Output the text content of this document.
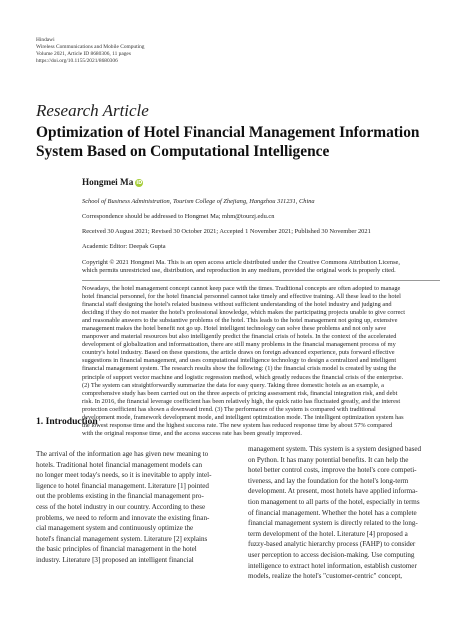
Hindawi
Wireless Communications and Mobile Computing
Volume 2021, Article ID 8680306, 11 pages
https://doi.org/10.1155/2021/8680306
Research Article
Optimization of Hotel Financial Management Information
System Based on Computational Intelligence
Hongmei Ma iD
School of Business Administration, Tourism College of Zhejiang, Hangzhou 311231, China
Correspondence should be addressed to Hongmei Ma; mhm@tourzj.edu.cn
Received 30 August 2021; Revised 30 October 2021; Accepted 1 November 2021; Published 30 November 2021
Academic Editor: Deepak Gupta
Copyright © 2021 Hongmei Ma. This is an open access article distributed under the Creative Commons Attribution License,
which permits unrestricted use, distribution, and reproduction in any medium, provided the original work is properly cited.
Nowadays, the hotel management concept cannot keep pace with the times. Traditional concepts are often adopted to manage
hotel financial personnel, for the hotel financial personnel cannot take timely and effective training. All these lead to the hotel
financial staff designing the hotel's related business without sufficient understanding of the hotel industry and judging and
deciding if they do not master the hotel's professional knowledge, which makes the participating projects unable to give correct
and reasonable answers to the substantive problems of the hotel. This leads to the hotel management not going up, extensive
management makes the hotel benefit not go up. Hotel intelligent technology can solve these problems and not only save
manpower and material resources but also intelligently predict the financial crisis of hotels. In the context of the accelerated
development of globalization and informatization, there are still many problems in the financial management process of my
country's hotel industry. Based on these questions, the article draws on foreign advanced experience, puts forward effective
suggestions in financial management, and uses computational intelligence technology to design a centralized and intelligent
financial management system. The research results show the following: (1) the financial crisis model is created by using the
principle of support vector machine and logistic regression method, which greatly reduces the financial crisis of the enterprise.
(2) The system can straightforwardly summarize the data for easy query. Taking three domestic hotels as an example, a
comprehensive study has been carried out on the three aspects of pricing assessment risk, financial integration risk, and debt
risk. In 2016, the financial leverage coefficient has been relatively high, the quick ratio has fluctuated greatly, and the interest
protection coefficient has shown a downward trend. (3) The performance of the system is compared with traditional
development mode, framework development mode, and intelligent optimization mode. The intelligent optimization system has
the lowest response time and the highest success rate. The new system has reduced response time by about 57% compared
with the original response time, and the access success rate has been greatly improved.
1. Introduction
The arrival of the information age has given new meaning to
hotels. Traditional hotel financial management models can
no longer meet today's needs, so it is inevitable to apply intel-
ligence to hotel financial management. Literature [1] pointed
out the problems existing in the financial management pro-
cess of the hotel industry in our country. According to these
problems, we need to reform and innovate the existing finan-
cial management system and continuously optimize the
hotel's financial management system. Literature [2] explains
the basic principles of financial management in the hotel
industry. Literature [3] proposed an intelligent financial
management system. This system is a system designed based
on Python. It has many potential benefits. It can help the
hotel better control costs, improve the hotel's core competi-
tiveness, and lay the foundation for the hotel's long-term
development. At present, most hotels have applied informa-
tion management to all parts of the hotel, especially in terms
of financial management. Whether the hotel has a complete
financial management system is directly related to the long-
term development of the hotel. Literature [4] proposed a
fuzzy-based analytic hierarchy process (FAHP) to consider
user perception to access decision-making. Use computing
intelligence to extract hotel information, establish customer
models, realize the hotel's "customer-centric" concept,
